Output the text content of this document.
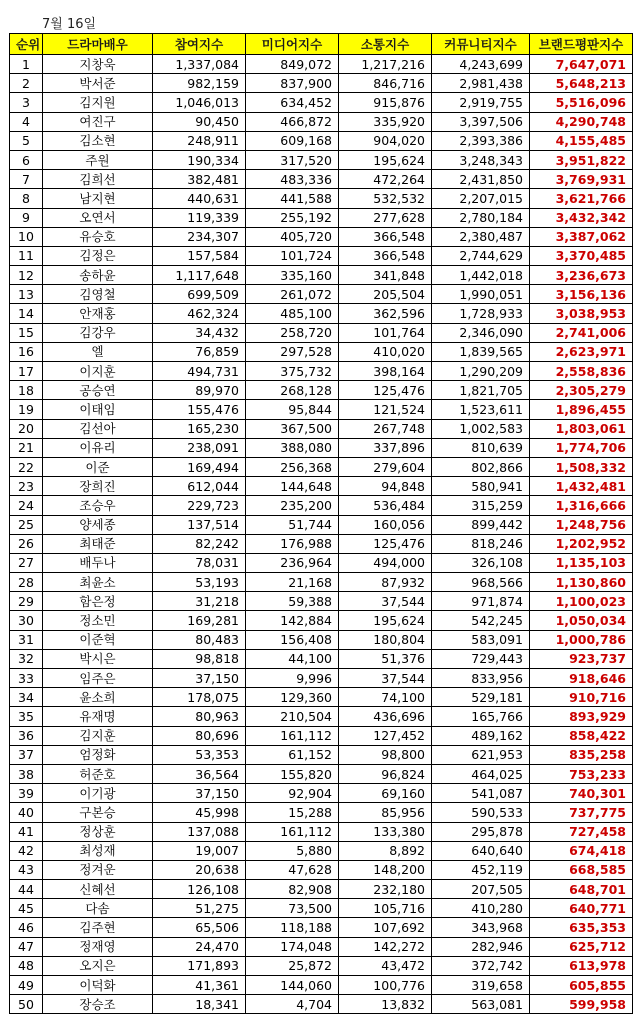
7월 16일
순위	드라마배우	참여지수	미디어지수	소통지수	커뮤니티지수	브랜드평판지수
1	지창욱	1,337,084	849,072	1,217,216	4,243,699	7,647,071
2	박서준	982,159	837,900	846,716	2,981,438	5,648,213
3	김지원	1,046,013	634,452	915,876	2,919,755	5,516,096
4	여진구	90,450	466,872	335,920	3,397,506	4,290,748
5	김소현	248,911	609,168	904,020	2,393,386	4,155,485
6	주원	190,334	317,520	195,624	3,248,343	3,951,822
7	김희선	382,481	483,336	472,264	2,431,850	3,769,931
8	남지현	440,631	441,588	532,532	2,207,015	3,621,766
9	오연서	119,339	255,192	277,628	2,780,184	3,432,342
10	유승호	234,307	405,720	366,548	2,380,487	3,387,062
11	김정은	157,584	101,724	366,548	2,744,629	3,370,485
12	송하윤	1,117,648	335,160	341,848	1,442,018	3,236,673
13	김영철	699,509	261,072	205,504	1,990,051	3,156,136
14	안재홍	462,324	485,100	362,596	1,728,933	3,038,953
15	김강우	34,432	258,720	101,764	2,346,090	2,741,006
16	엘	76,859	297,528	410,020	1,839,565	2,623,971
17	이지훈	494,731	375,732	398,164	1,290,209	2,558,836
18	공승연	89,970	268,128	125,476	1,821,705	2,305,279
19	이태임	155,476	95,844	121,524	1,523,611	1,896,455
20	김선아	165,230	367,500	267,748	1,002,583	1,803,061
21	이유리	238,091	388,080	337,896	810,639	1,774,706
22	이준	169,494	256,368	279,604	802,866	1,508,332
23	장희진	612,044	144,648	94,848	580,941	1,432,481
24	조승우	229,723	235,200	536,484	315,259	1,316,666
25	양세종	137,514	51,744	160,056	899,442	1,248,756
26	최태준	82,242	176,988	125,476	818,246	1,202,952
27	배두나	78,031	236,964	494,000	326,108	1,135,103
28	최윤소	53,193	21,168	87,932	968,566	1,130,860
29	함은정	31,218	59,388	37,544	971,874	1,100,023
30	정소민	169,281	142,884	195,624	542,245	1,050,034
31	이준혁	80,483	156,408	180,804	583,091	1,000,786
32	박시은	98,818	44,100	51,376	729,443	923,737
33	임주은	37,150	9,996	37,544	833,956	918,646
34	윤소희	178,075	129,360	74,100	529,181	910,716
35	유재명	80,963	210,504	436,696	165,766	893,929
36	김지훈	80,696	161,112	127,452	489,162	858,422
37	엄정화	53,353	61,152	98,800	621,953	835,258
38	허준호	36,564	155,820	96,824	464,025	753,233
39	이기광	37,150	92,904	69,160	541,087	740,301
40	구본승	45,998	15,288	85,956	590,533	737,775
41	정상훈	137,088	161,112	133,380	295,878	727,458
42	최성재	19,007	5,880	8,892	640,640	674,418
43	정겨운	20,638	47,628	148,200	452,119	668,585
44	신혜선	126,108	82,908	232,180	207,505	648,701
45	다솜	51,275	73,500	105,716	410,280	640,771
46	김주현	65,506	118,188	107,692	343,968	635,353
47	정재영	24,470	174,048	142,272	282,946	625,712
48	오지은	171,893	25,872	43,472	372,742	613,978
49	이덕화	41,361	144,060	100,776	319,658	605,855
50	장승조	18,341	4,704	13,832	563,081	599,958
